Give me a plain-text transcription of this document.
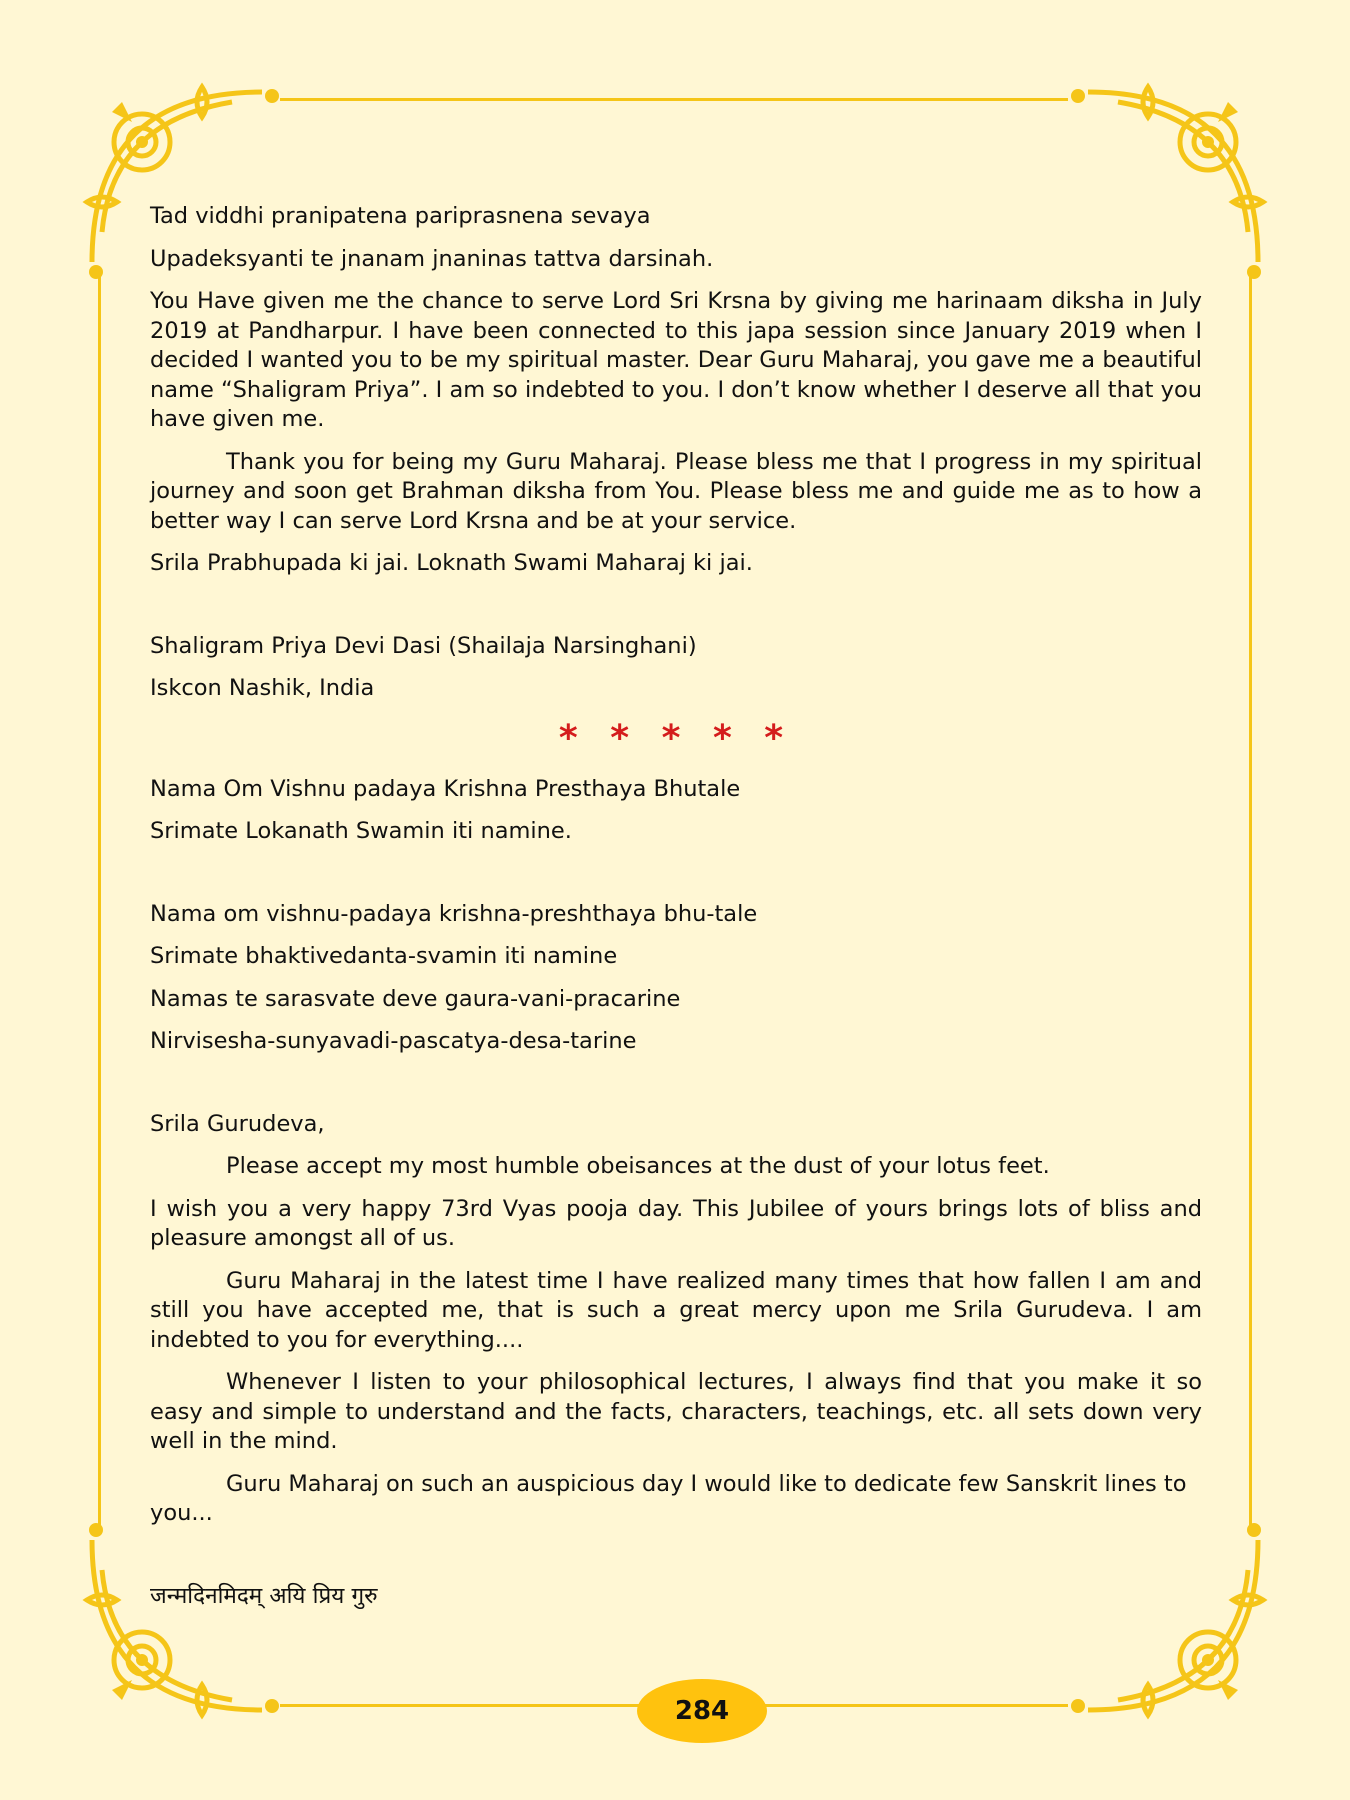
Tad viddhi pranipatena pariprasnena sevaya

Upadeksyanti te jnanam jnaninas tattva darsinah.

You Have given me the chance to serve Lord Sri Krsna by giving me harinaam diksha in July 2019 at Pandharpur. I have been connected to this japa session since January 2019 when I decided I wanted you to be my spiritual master. Dear Guru Maharaj, you gave me a beautiful name “Shaligram Priya”. I am so indebted to you. I don’t know whether I deserve all that you have given me.

Thank you for being my Guru Maharaj. Please bless me that I progress in my spiritual journey and soon get Brahman diksha from You. Please bless me and guide me as to how a better way I can serve Lord Krsna and be at your service.

Srila Prabhupada ki jai. Loknath Swami Maharaj ki jai.

Shaligram Priya Devi Dasi (Shailaja Narsinghani)

Iskcon Nashik, India

* * * * *

Nama Om Vishnu padaya Krishna Presthaya Bhutale

Srimate Lokanath Swamin iti namine.

Nama om vishnu-padaya krishna-preshthaya bhu-tale

Srimate bhaktivedanta-svamin iti namine

Namas te sarasvate deve gaura-vani-pracarine

Nirvisesha-sunyavadi-pascatya-desa-tarine

Srila Gurudeva,

Please accept my most humble obeisances at the dust of your lotus feet.

I wish you a very happy 73rd Vyas pooja day. This Jubilee of yours brings lots of bliss and pleasure amongst all of us.

Guru Maharaj in the latest time I have realized many times that how fallen I am and still you have accepted me, that is such a great mercy upon me Srila Gurudeva. I am indebted to you for everything....

Whenever I listen to your philosophical lectures, I always find that you make it so easy and simple to understand and the facts, characters, teachings, etc. all sets down very well in the mind.

Guru Maharaj on such an auspicious day I would like to dedicate few Sanskrit lines to you...

जन्मदिनमिदम् अयि प्रिय गुरु

284
